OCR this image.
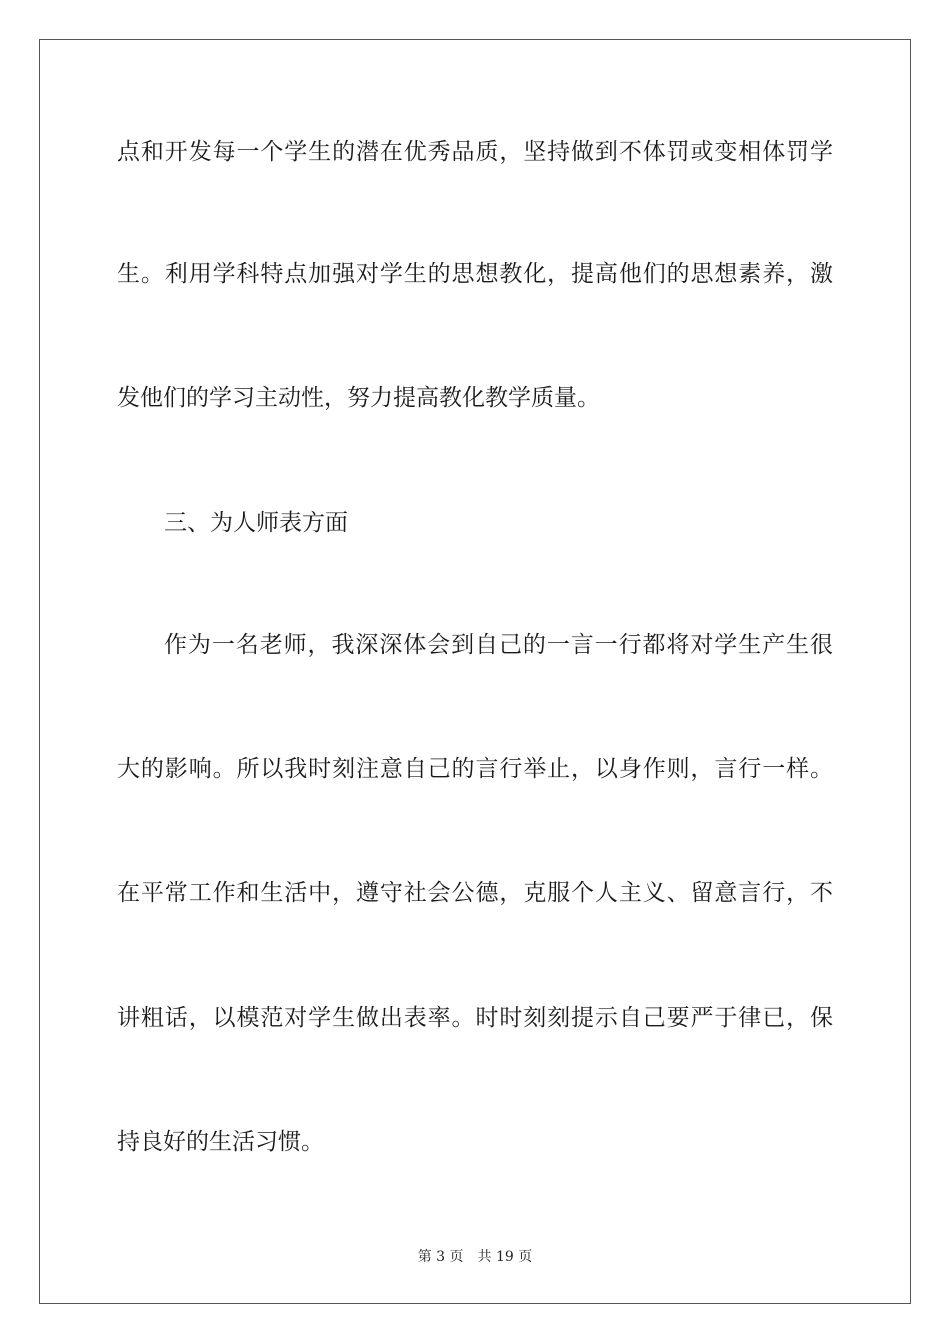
点和开发每一个学生的潜在优秀品质，坚持做到不体罚或变相体罚学
生。利用学科特点加强对学生的思想教化，提高他们的思想素养，激
发他们的学习主动性，努力提高教化教学质量。
三、为人师表方面
作为一名老师，我深深体会到自己的一言一行都将对学生产生很
大的影响。所以我时刻注意自己的言行举止，以身作则，言行一样。
在平常工作和生活中，遵守社会公德，克服个人主义、留意言行，不
讲粗话，以模范对学生做出表率。时时刻刻提示自己要严于律已，保
持良好的生活习惯。
第 3 页　共 19 页
